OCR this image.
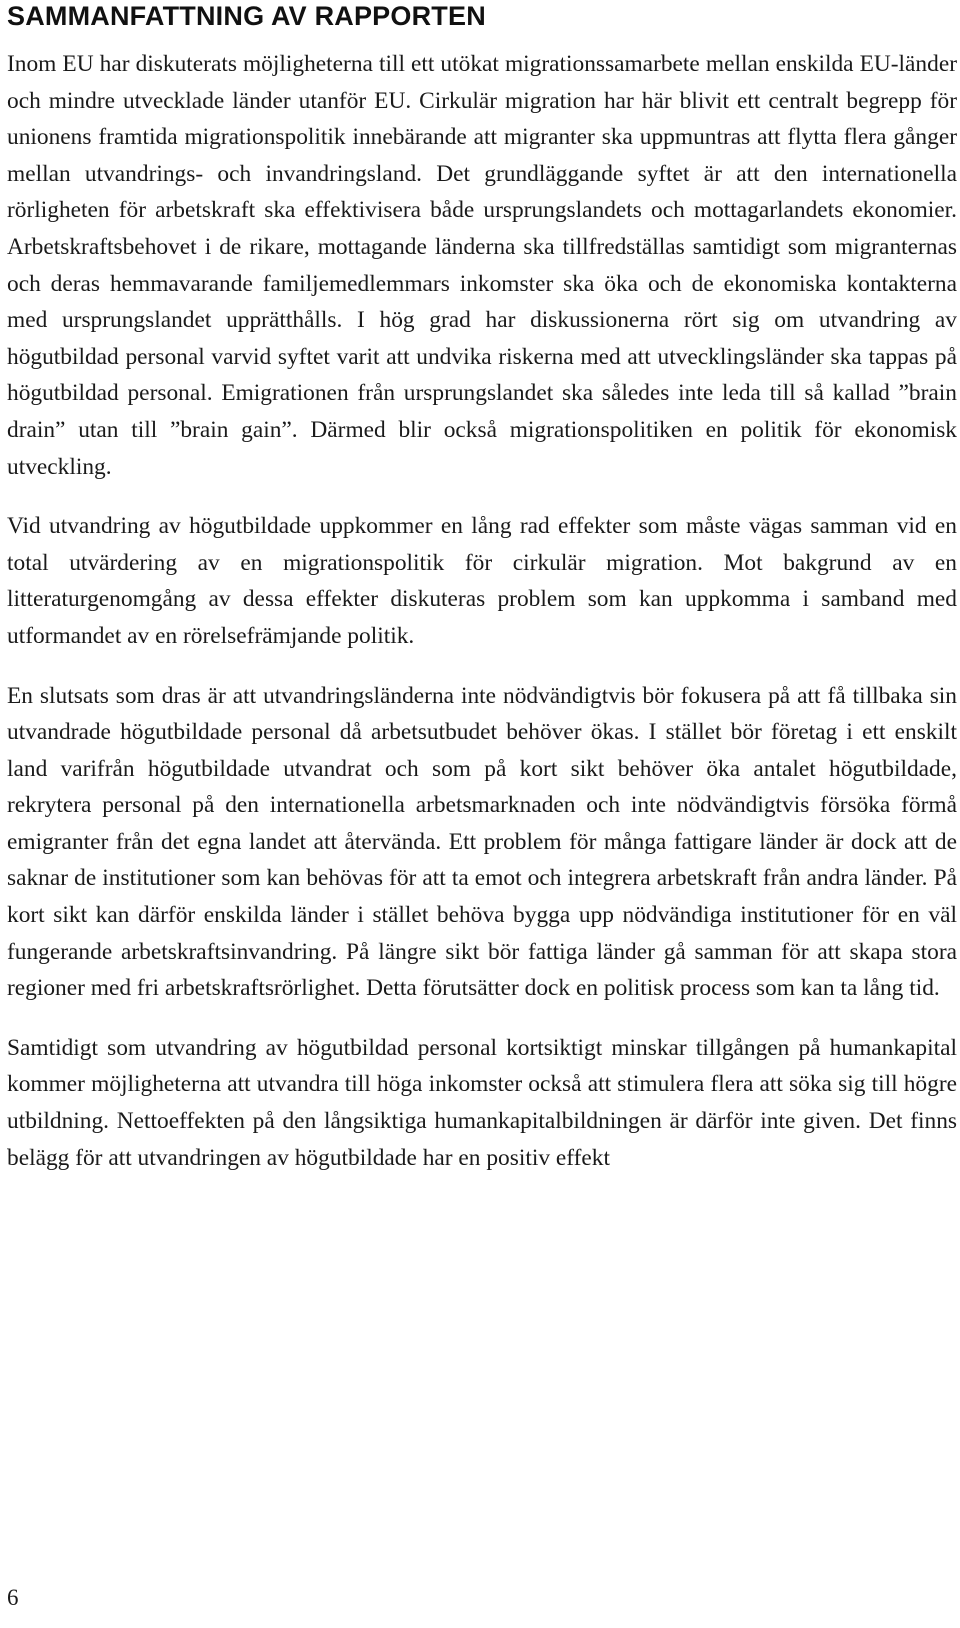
SAMMANFATTNING AV RAPPORTEN

Inom EU har diskuterats möjligheterna till ett utökat migrationssamarbete mellan enskilda EU-länder och mindre utvecklade länder utanför EU. Cirkulär migration har här blivit ett centralt begrepp för unionens framtida migrationspolitik innebärande att migranter ska uppmuntras att flytta flera gånger mellan utvandrings- och invandringsland. Det grundläggande syftet är att den internationella rörligheten för arbetskraft ska effektivisera både ursprungslandets och mottagarlandets ekonomier. Arbetskraftsbehovet i de rikare, mottagande länderna ska tillfredställas samtidigt som migranternas och deras hemmavarande familjemedlemmars inkomster ska öka och de ekonomiska kontakterna med ursprungslandet upprätthålls. I hög grad har diskussionerna rört sig om utvandring av högutbildad personal varvid syftet varit att undvika riskerna med att utvecklingsländer ska tappas på högutbildad personal. Emigrationen från ursprungslandet ska således inte leda till så kallad ”brain drain” utan till ”brain gain”. Därmed blir också migrationspolitiken en politik för ekonomisk utveckling.

Vid utvandring av högutbildade uppkommer en lång rad effekter som måste vägas samman vid en total utvärdering av en migrationspolitik för cirkulär migration. Mot bakgrund av en litteraturgenomgång av dessa effekter diskuteras problem som kan uppkomma i samband med utformandet av en rörelsefrämjande politik.

En slutsats som dras är att utvandringsländerna inte nödvändigtvis bör fokusera på att få tillbaka sin utvandrade högutbildade personal då arbetsutbudet behöver ökas. I stället bör företag i ett enskilt land varifrån högutbildade utvandrat och som på kort sikt behöver öka antalet högutbildade, rekrytera personal på den internationella arbetsmarknaden och inte nödvändigtvis försöka förmå emigranter från det egna landet att återvända. Ett problem för många fattigare länder är dock att de saknar de institutioner som kan behövas för att ta emot och integrera arbetskraft från andra länder. På kort sikt kan därför enskilda länder i stället behöva bygga upp nödvändiga institutioner för en väl fungerande arbetskraftsinvandring. På längre sikt bör fattiga länder gå samman för att skapa stora regioner med fri arbetskraftsrörlighet. Detta förutsätter dock en politisk process som kan ta lång tid.

Samtidigt som utvandring av högutbildad personal kortsiktigt minskar tillgången på humankapital kommer möjligheterna att utvandra till höga inkomster också att stimulera flera att söka sig till högre utbildning. Nettoeffekten på den långsiktiga humankapitalbildningen är därför inte given. Det finns belägg för att utvandringen av högutbildade har en positiv effekt

6
